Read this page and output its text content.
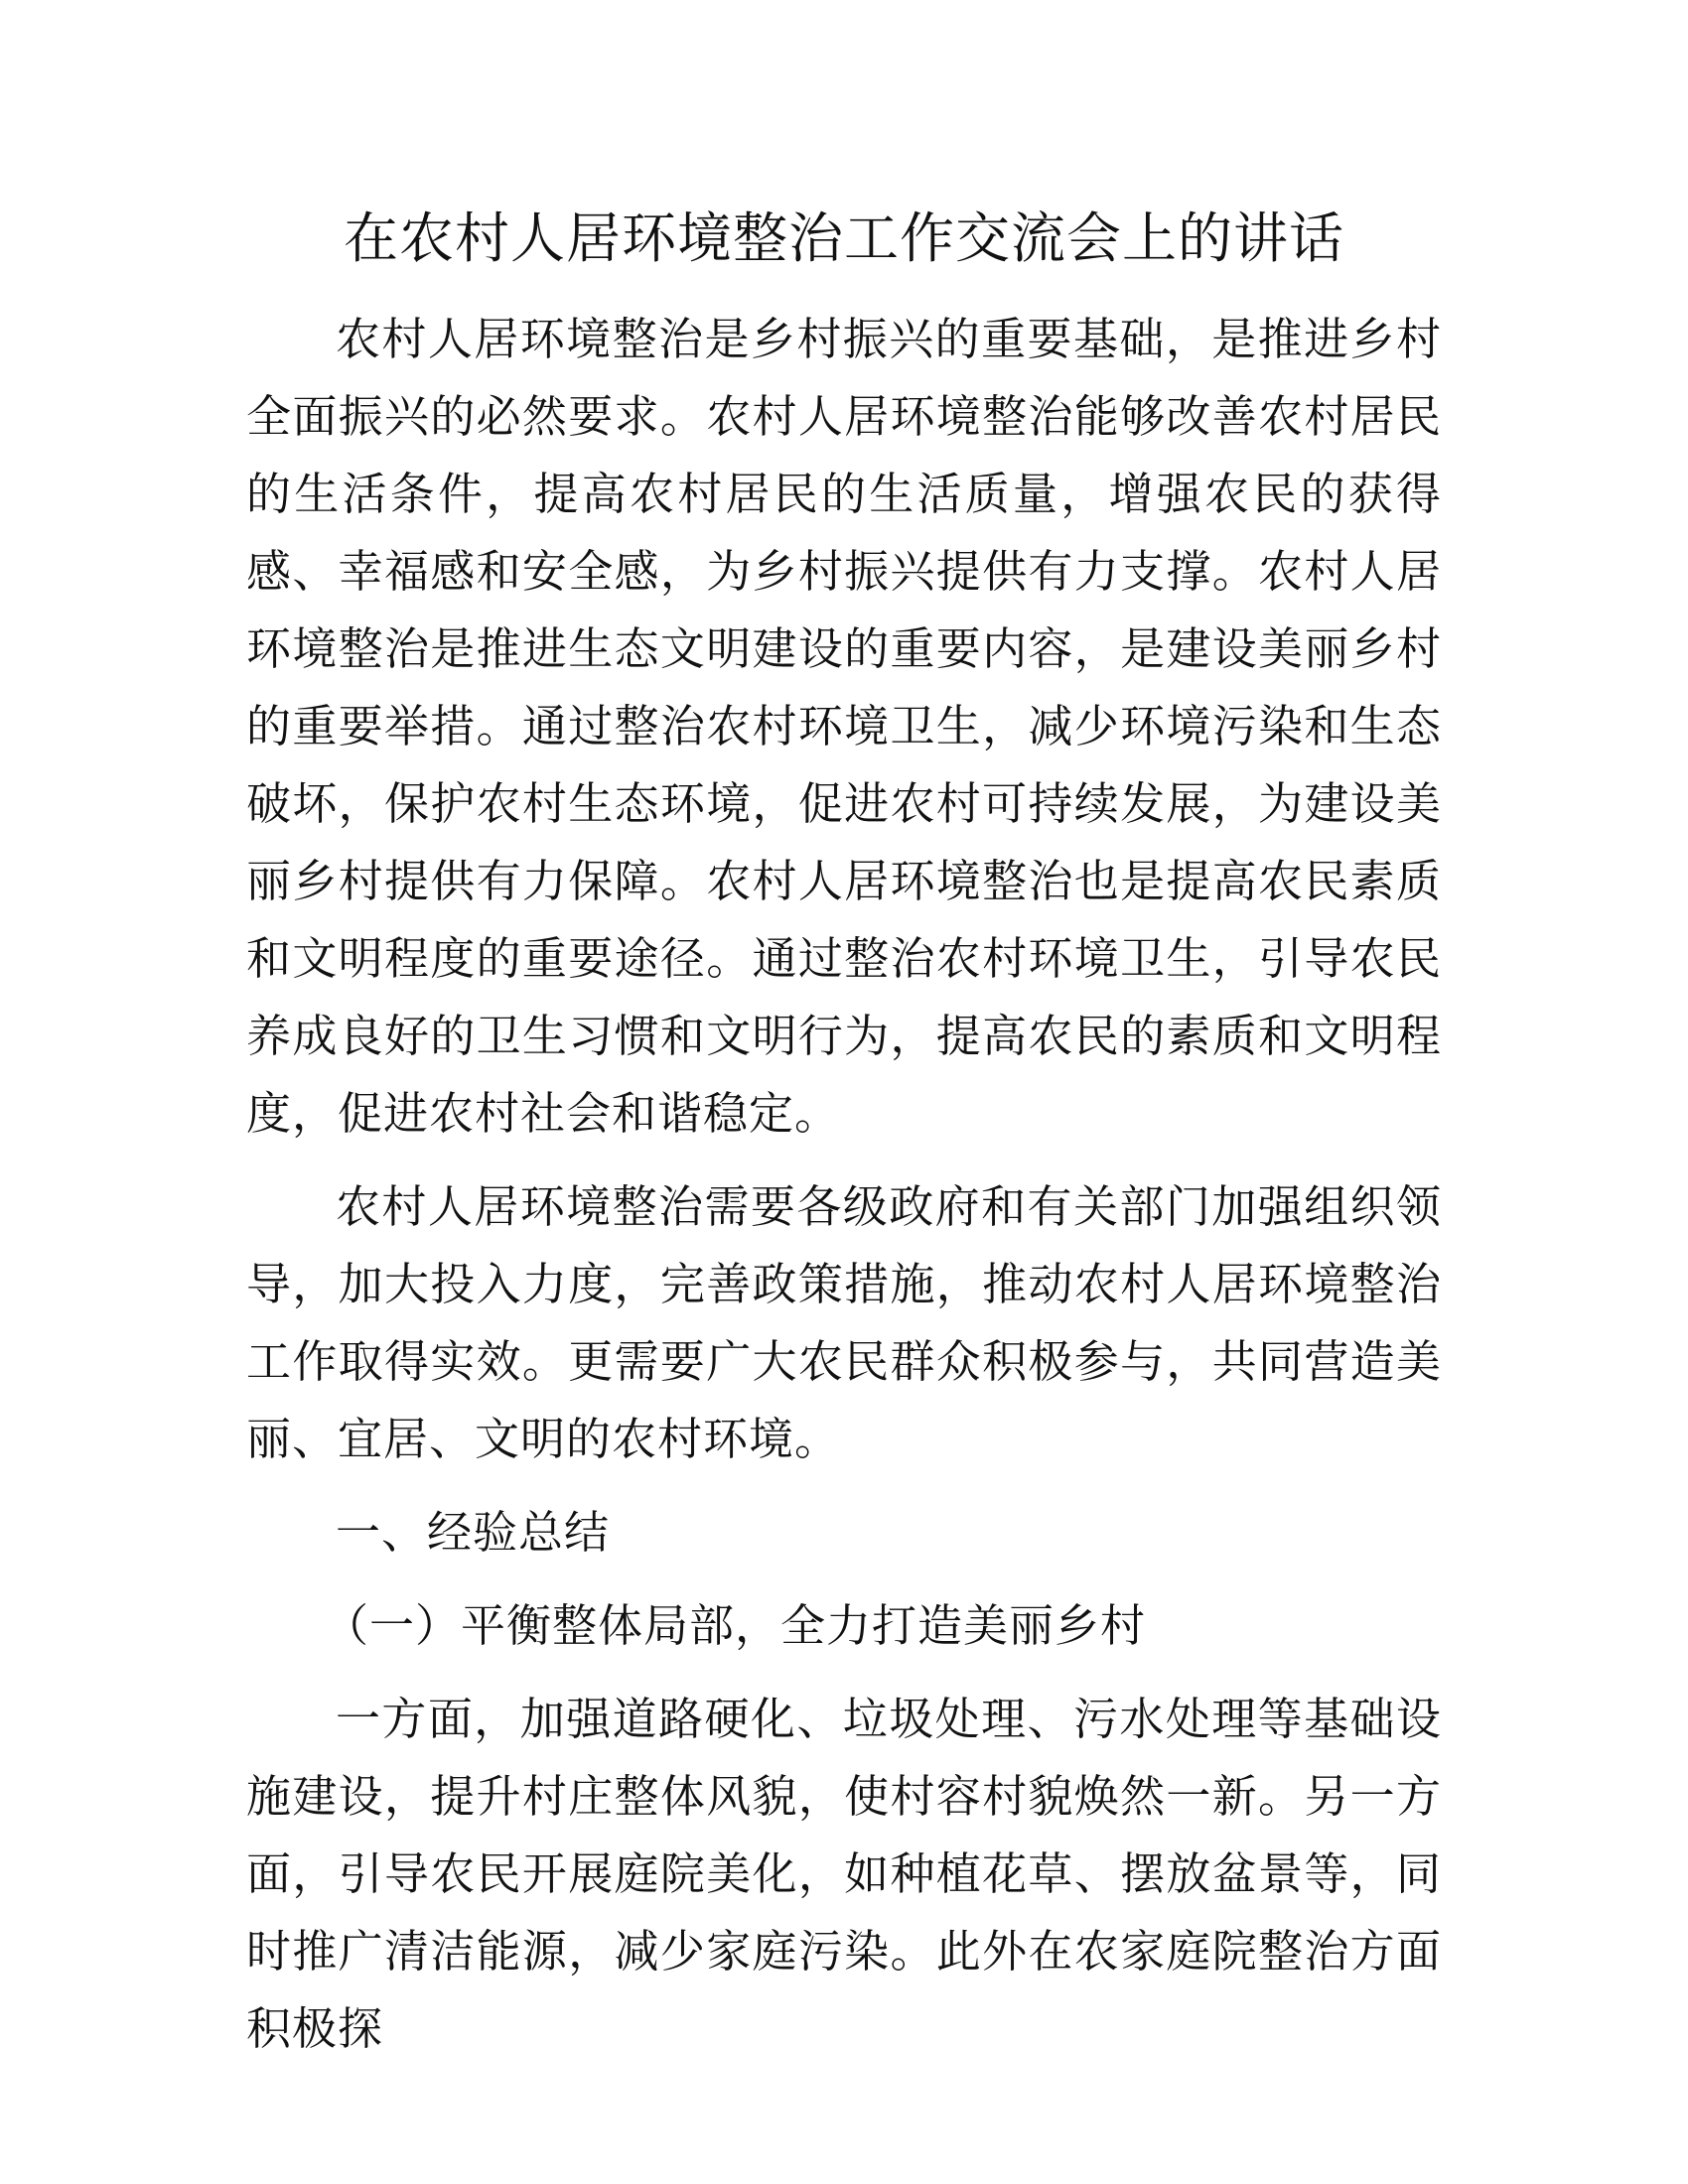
在农村人居环境整治工作交流会上的讲话

农村人居环境整治是乡村振兴的重要基础，是推进乡村全面振兴的必然要求。农村人居环境整治能够改善农村居民的生活条件，提高农村居民的生活质量，增强农民的获得感、幸福感和安全感，为乡村振兴提供有力支撑。农村人居环境整治是推进生态文明建设的重要内容，是建设美丽乡村的重要举措。通过整治农村环境卫生，减少环境污染和生态破坏，保护农村生态环境，促进农村可持续发展，为建设美丽乡村提供有力保障。农村人居环境整治也是提高农民素质和文明程度的重要途径。通过整治农村环境卫生，引导农民养成良好的卫生习惯和文明行为，提高农民的素质和文明程度，促进农村社会和谐稳定。

农村人居环境整治需要各级政府和有关部门加强组织领导，加大投入力度，完善政策措施，推动农村人居环境整治工作取得实效。更需要广大农民群众积极参与，共同营造美丽、宜居、文明的农村环境。

一、经验总结

（一）平衡整体局部，全力打造美丽乡村

一方面，加强道路硬化、垃圾处理、污水处理等基础设施建设，提升村庄整体风貌，使村容村貌焕然一新。另一方面，引导农民开展庭院美化，如种植花草、摆放盆景等，同时推广清洁能源，减少家庭污染。此外在农家庭院整治方面积极探
